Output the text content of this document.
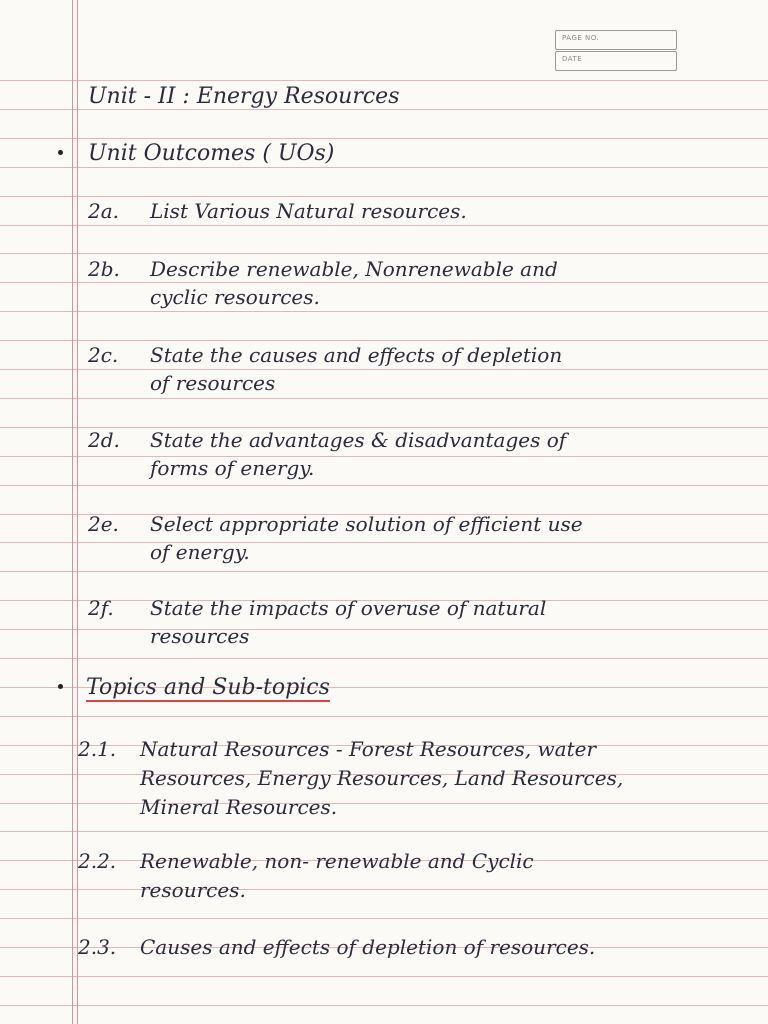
PAGE NO.
DATE
Unit - II : Energy Resources
Unit Outcomes ( UOs)
2a. List Various Natural resources.
2b. Describe renewable, Nonrenewable and
cyclic resources.
2c. State the causes and effects of depletion
of resources
2d. State the advantages & disadvantages of
forms of energy.
2e. Select appropriate solution of efficient use
of energy.
2f. State the impacts of overuse of natural
resources
Topics and Sub-topics
2.1. Natural Resources - Forest Resources, water
Resources, Energy Resources, Land Resources,
Mineral Resources.
2.2. Renewable, non- renewable and Cyclic
resources.
2.3. Causes and effects of depletion of resources.
